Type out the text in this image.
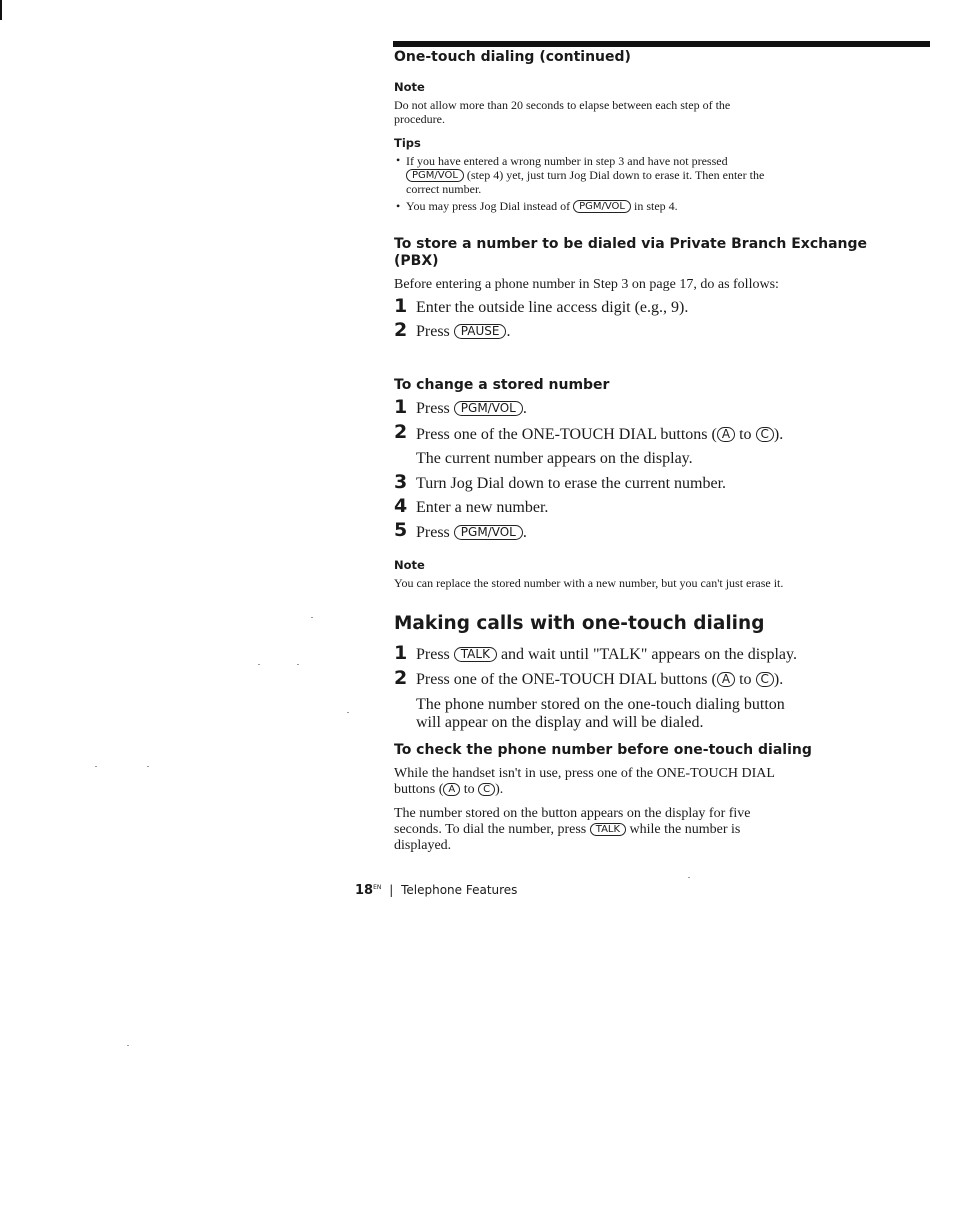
One-touch dialing (continued)
Note
Do not allow more than 20 seconds to elapse between each step of the
procedure.
Tips
• If you have entered a wrong number in step 3 and have not pressed
PGM/VOL (step 4) yet, just turn Jog Dial down to erase it. Then enter the
correct number.
• You may press Jog Dial instead of PGM/VOL in step 4.
To store a number to be dialed via Private Branch Exchange
(PBX)
Before entering a phone number in Step 3 on page 17, do as follows:
1 Enter the outside line access digit (e.g., 9).
2 Press PAUSE .
To change a stored number
1 Press PGM/VOL .
2 Press one of the ONE-TOUCH DIAL buttons ( A to C ).
The current number appears on the display.
3 Turn Jog Dial down to erase the current number.
4 Enter a new number.
5 Press PGM/VOL .
Note
You can replace the stored number with a new number, but you can't just erase it.
Making calls with one-touch dialing
1 Press TALK and wait until "TALK" appears on the display.
2 Press one of the ONE-TOUCH DIAL buttons ( A to C ).
The phone number stored on the one-touch dialing button
will appear on the display and will be dialed.
To check the phone number before one-touch dialing
While the handset isn't in use, press one of the ONE-TOUCH DIAL
buttons ( A to C ).
The number stored on the button appears on the display for five
seconds. To dial the number, press TALK while the number is
displayed.
$18^{EN}$ | Telephone Features
